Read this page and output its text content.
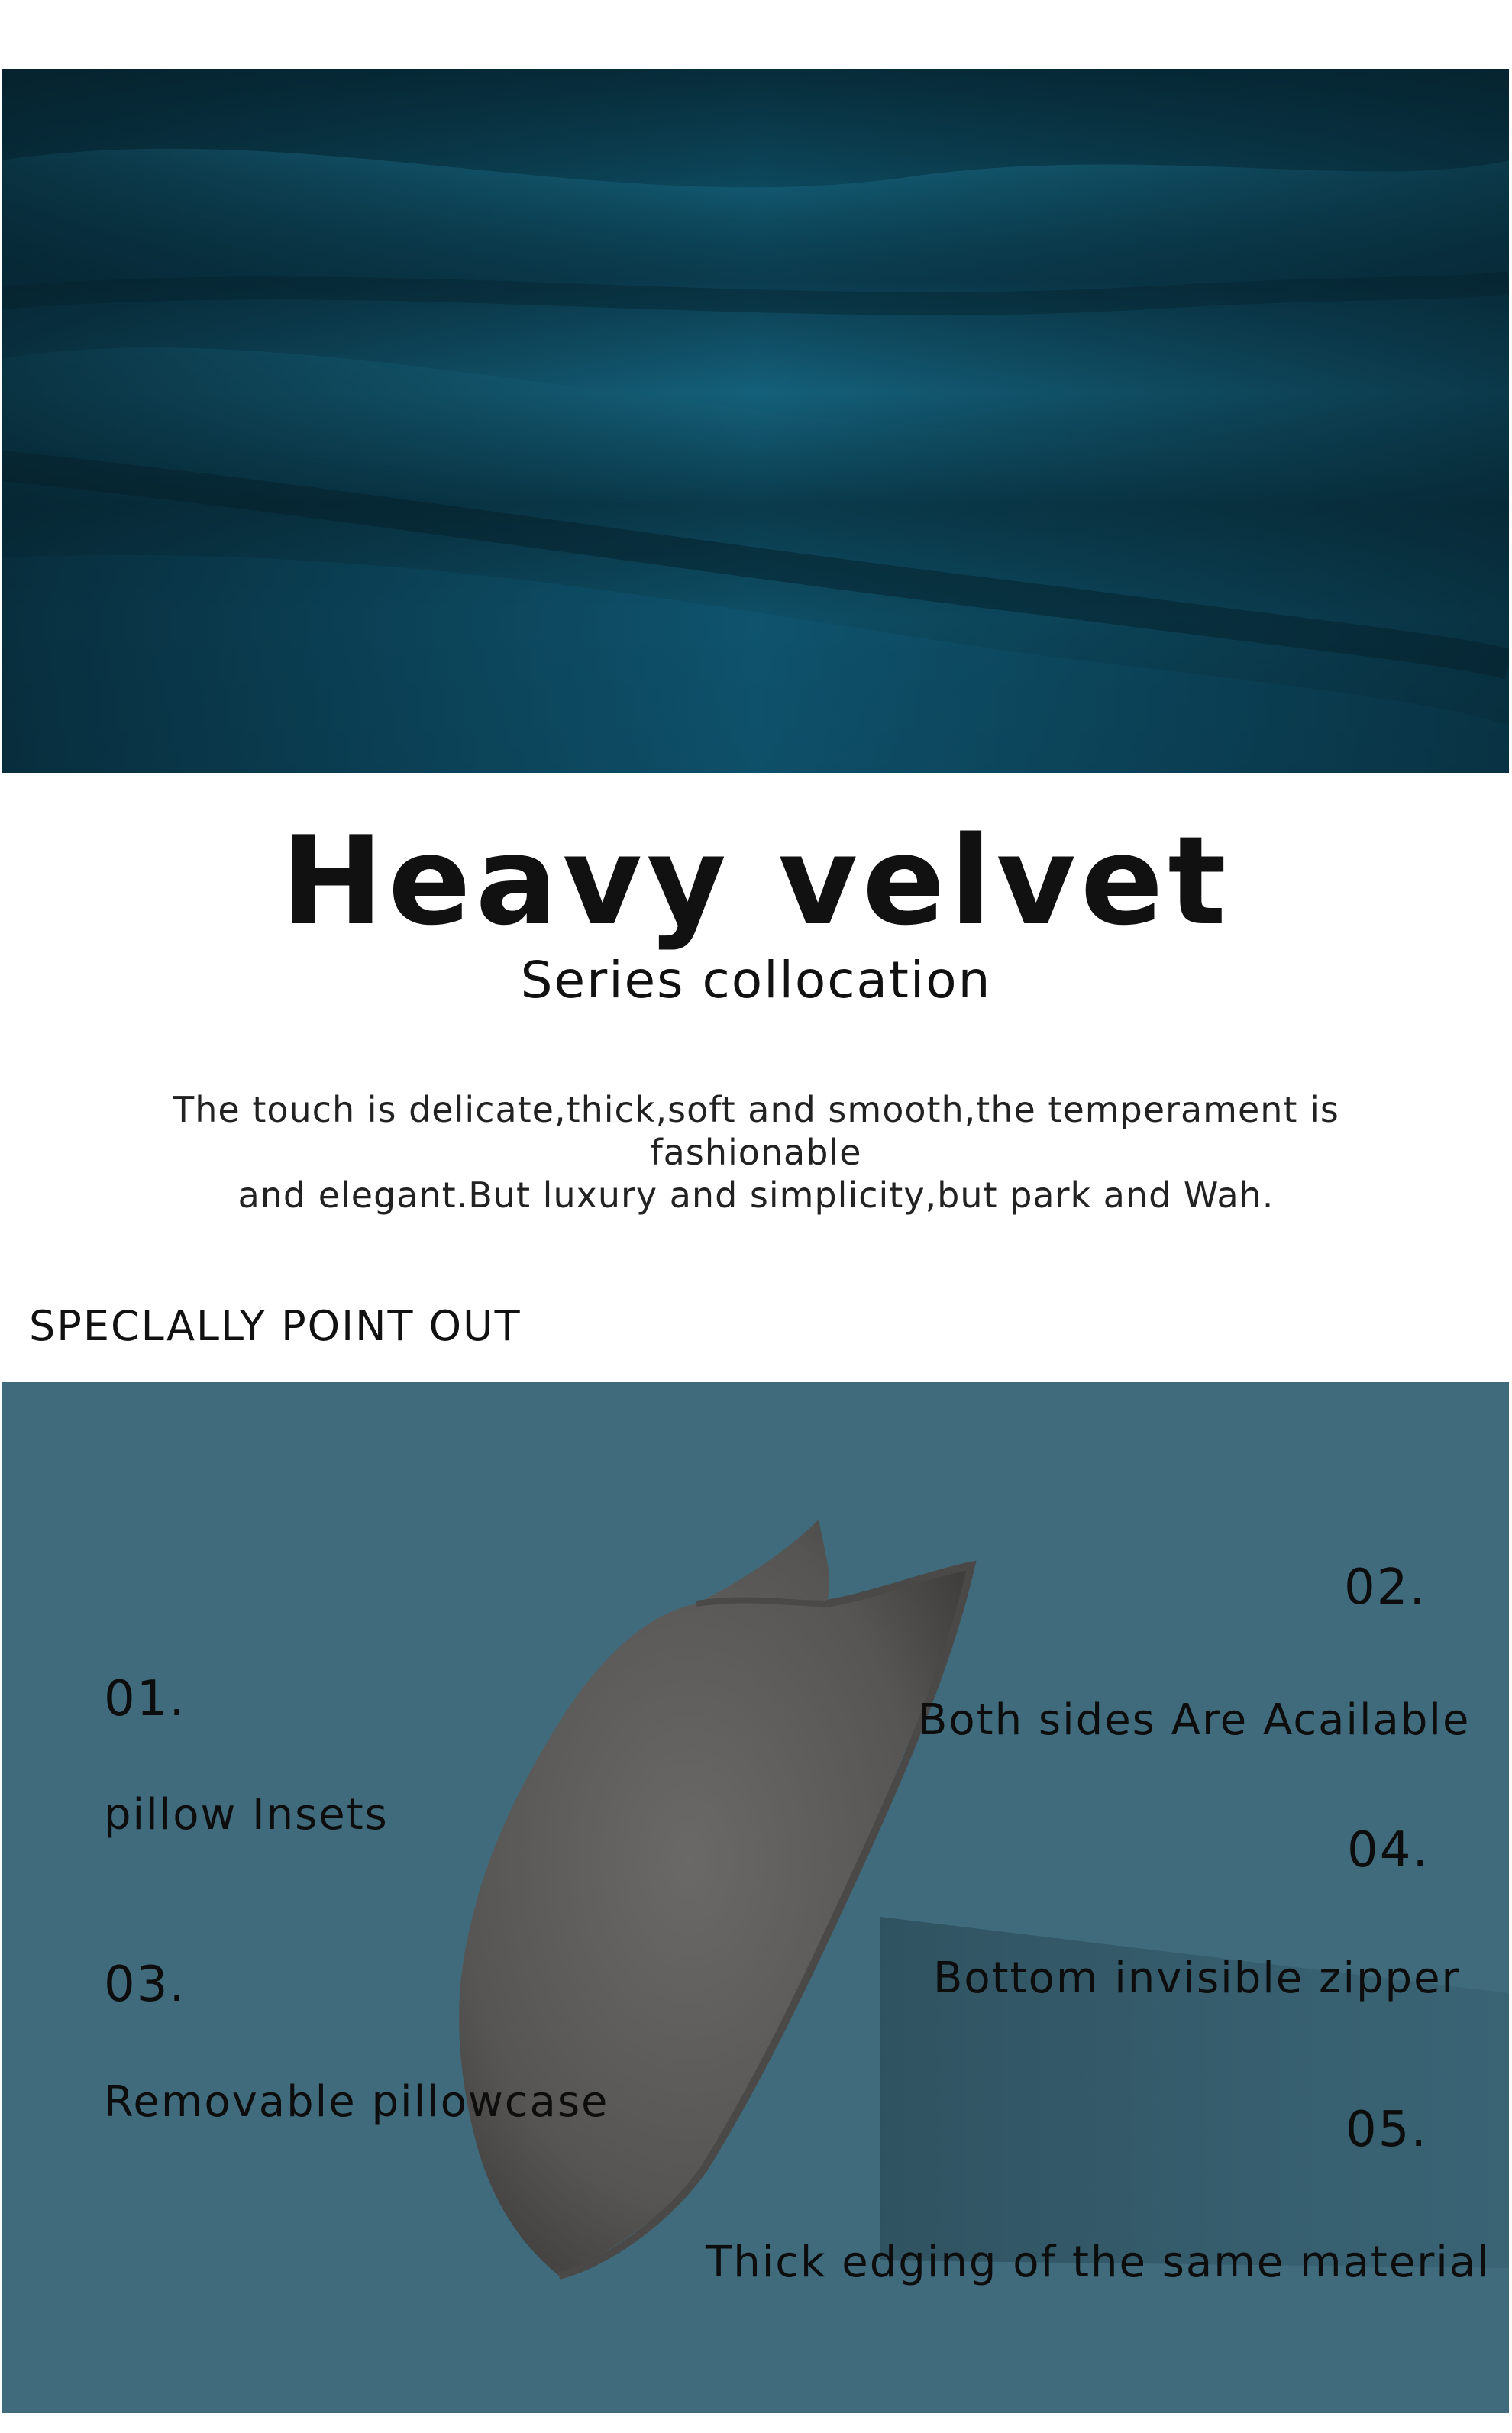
Heavy velvet
Series collocation
The touch is delicate,thick,soft and smooth,the temperament is fashionable
and elegant.But luxury and simplicity,but park and Wah.
SPECLALLY POINT OUT
02.
01.	Both sides Are Acailable
pillow Insets
04.
03.	Bottom invisible zipper
Removable pillowcase	05.
Thick edging of the same material
